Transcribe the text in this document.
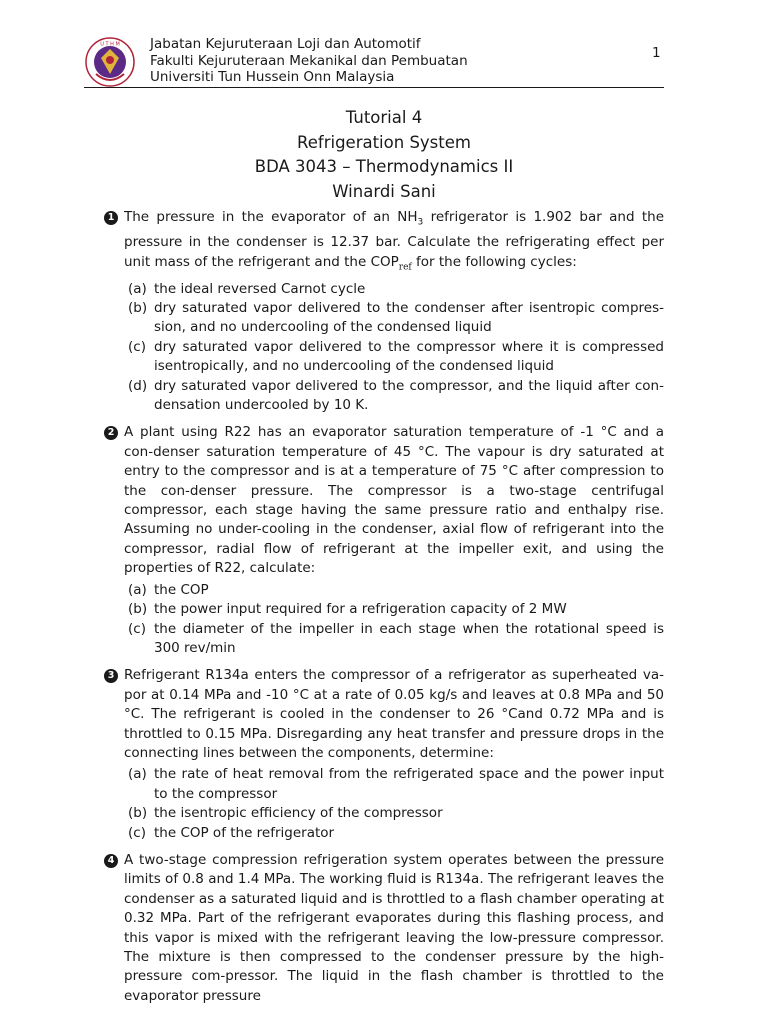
U T H M Jabatan Kejuruteraan Loji dan Automotif
Fakulti Kejuruteraan Mekanikal dan Pembuatan
Universiti Tun Hussein Onn Malaysia
1
Tutorial 4
Refrigeration System
BDA 3043 – Thermodynamics II
Winardi Sani
1 The pressure in the evaporator of an $NH_3$ refrigerator is 1.902 bar and the pressure in the condenser is 12.37 bar. Calculate the refrigerating effect per unit mass of the refrigerant and the $COP_{ref}$ for the following cycles:
(a) the ideal reversed Carnot cycle
(b) dry saturated vapor delivered to the condenser after isentropic compres-sion, and no undercooling of the condensed liquid
(c) dry saturated vapor delivered to the compressor where it is compressed isentropically, and no undercooling of the condensed liquid
(d) dry saturated vapor delivered to the compressor, and the liquid after con-densation undercooled by 10 K.
2 A plant using R22 has an evaporator saturation temperature of -1 °C and a con-denser saturation temperature of 45 °C. The vapour is dry saturated at entry to the compressor and is at a temperature of 75 °C after compression to the con-denser pressure. The compressor is a two-stage centrifugal compressor, each stage having the same pressure ratio and enthalpy rise. Assuming no under-cooling in the condenser, axial flow of refrigerant into the compressor, radial flow of refrigerant at the impeller exit, and using the properties of R22, calculate:
(a) the COP
(b) the power input required for a refrigeration capacity of 2 MW
(c) the diameter of the impeller in each stage when the rotational speed is 300 rev/min
3 Refrigerant R134a enters the compressor of a refrigerator as superheated va-por at 0.14 MPa and -10 °C at a rate of 0.05 kg/s and leaves at 0.8 MPa and 50 °C. The refrigerant is cooled in the condenser to 26 °Cand 0.72 MPa and is throttled to 0.15 MPa. Disregarding any heat transfer and pressure drops in the connecting lines between the components, determine:
(a) the rate of heat removal from the refrigerated space and the power input to the compressor
(b) the isentropic efficiency of the compressor
(c) the COP of the refrigerator
4 A two-stage compression refrigeration system operates between the pressure limits of 0.8 and 1.4 MPa. The working fluid is R134a. The refrigerant leaves the condenser as a saturated liquid and is throttled to a flash chamber operating at 0.32 MPa. Part of the refrigerant evaporates during this flashing process, and this vapor is mixed with the refrigerant leaving the low-pressure compressor. The mixture is then compressed to the condenser pressure by the high-pressure com-pressor. The liquid in the flash chamber is throttled to the evaporator pressure
